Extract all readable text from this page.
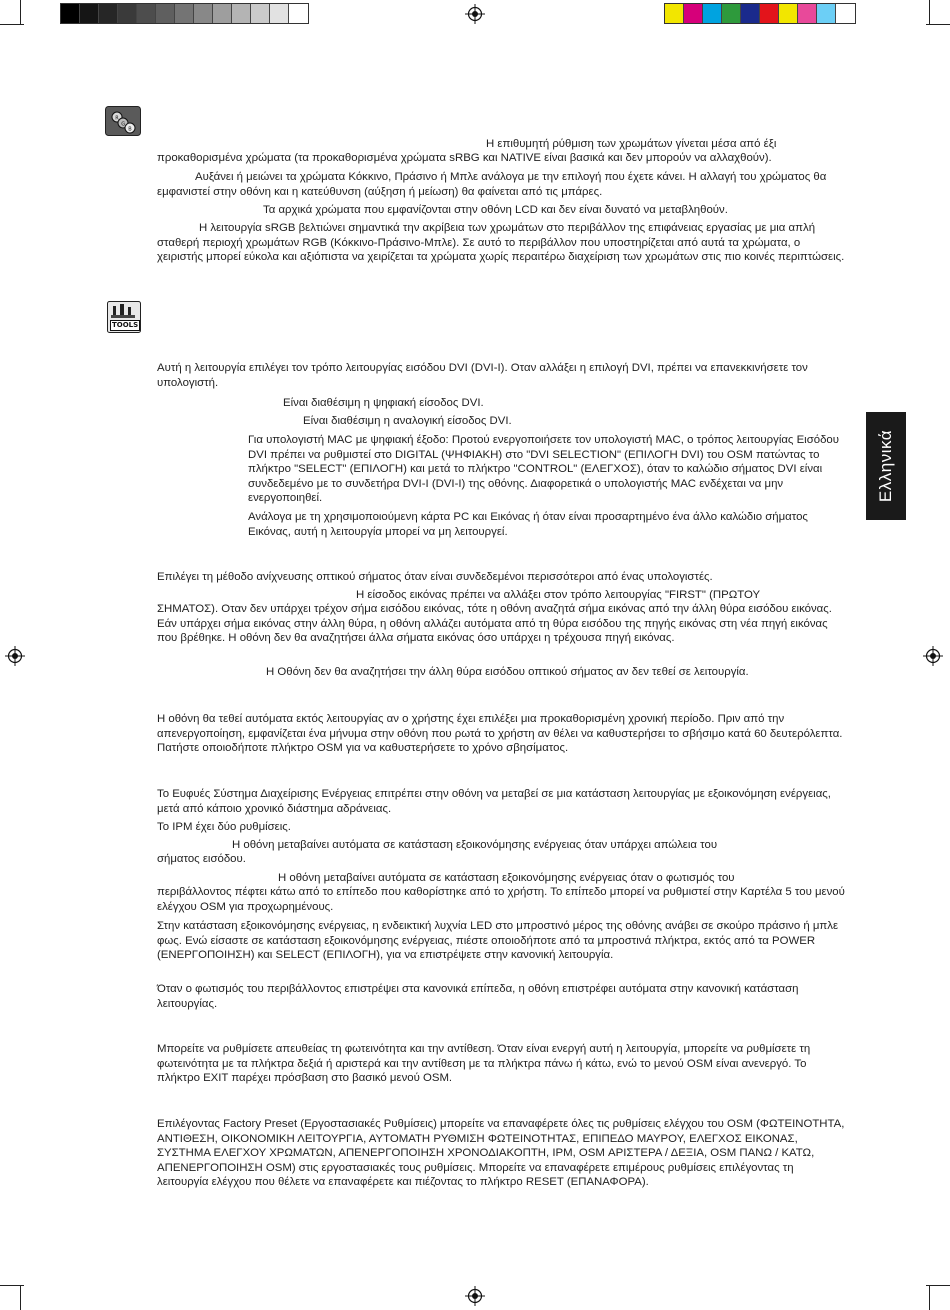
R
G
B
TOOLS
Ελληνικά

Η επιθυμητή ρύθμιση των χρωμάτων γίνεται μέσα από έξι

προκαθορισμένα χρώματα (τα προκαθορισμένα χρώματα sRBG και NATIVE είναι βασικά και δεν μπορούν να αλλαχθούν).

Αυξάνει ή μειώνει τα χρώματα Κόκκινο, Πράσινο ή Μπλε ανάλογα με την επιλογή που έχετε κάνει. Η αλλαγή του χρώματος θα εμφανιστεί στην οθόνη και η κατεύθυνση (αύξηση ή μείωση) θα φαίνεται από τις μπάρες.

Τα αρχικά χρώματα που εμφανίζονται στην οθόνη LCD και δεν είναι δυνατό να μεταβληθούν.

Η λειτουργία sRGB βελτιώνει σημαντικά την ακρίβεια των χρωμάτων στο περιβάλλον της επιφάνειας εργασίας με μια απλή σταθερή περιοχή χρωμάτων RGB (Κόκκινο-Πράσινο-Μπλε). Σε αυτό το περιβάλλον που υποστηρίζεται από αυτά τα χρώματα, ο χειριστής μπορεί εύκολα και αξιόπιστα να χειρίζεται τα χρώματα χωρίς περαιτέρω διαχείριση των χρωμάτων στις πιο κοινές περιπτώσεις.

Αυτή η λειτουργία επιλέγει τον τρόπο λειτουργίας εισόδου DVI (DVI-I). Οταν αλλάξει η επιλογή DVI, πρέπει να επανεκκινήσετε τον υπολογιστή.

Είναι διαθέσιμη η ψηφιακή είσοδος DVI.

Είναι διαθέσιμη η αναλογική είσοδος DVI.

Για υπολογιστή MAC με ψηφιακή έξοδο: Προτού ενεργοποιήσετε τον υπολογιστή MAC, ο τρόπος λειτουργίας Εισόδου DVI πρέπει να ρυθμιστεί στο DIGITAL (ΨΗΦΙΑΚΗ) στο "DVI SELECTION" (ΕΠΙΛΟΓΗ DVI) του OSM πατώντας το πλήκτρο "SELECT" (ΕΠΙΛΟΓΗ) και μετά το πλήκτρο "CONTROL" (ΕΛΕΓΧΟΣ), όταν το καλώδιο σήματος DVI είναι συνδεδεμένο με το συνδετήρα DVI-I (DVI-I) της οθόνης. Διαφορετικά ο υπολογιστής MAC ενδέχεται να μην ενεργοποιηθεί.

Ανάλογα με τη χρησιμοποιούμενη κάρτα PC και Εικόνας ή όταν είναι προσαρτημένο ένα άλλο καλώδιο σήματος Εικόνας, αυτή η λειτουργία μπορεί να μη λειτουργεί.

Επιλέγει τη μέθοδο ανίχνευσης οπτικού σήματος όταν είναι συνδεδεμένοι περισσότεροι από ένας υπολογιστές.

Η είσοδος εικόνας πρέπει να αλλάξει στον τρόπο λειτουργίας "FIRST" (ΠΡΩΤΟΥ

ΣΗΜΑΤΟΣ). Οταν δεν υπάρχει τρέχον σήμα εισόδου εικόνας, τότε η οθόνη αναζητά σήμα εικόνας από την άλλη θύρα εισόδου εικόνας. Εάν υπάρχει σήμα εικόνας στην άλλη θύρα, η οθόνη αλλάζει αυτόματα από τη θύρα εισόδου της πηγής εικόνας στη νέα πηγή εικόνας που βρέθηκε. Η οθόνη δεν θα αναζητήσει άλλα σήματα εικόνας όσο υπάρχει η τρέχουσα πηγή εικόνας.

Η Οθόνη δεν θα αναζητήσει την άλλη θύρα εισόδου οπτικού σήματος αν δεν τεθεί σε λειτουργία.

Η οθόνη θα τεθεί αυτόματα εκτός λειτουργίας αν ο χρήστης έχει επιλέξει μια προκαθορισμένη χρονική περίοδο. Πριν από την απενεργοποίηση, εμφανίζεται ένα μήνυμα στην οθόνη που ρωτά το χρήστη αν θέλει να καθυστερήσει το σβήσιμο κατά 60 δευτερόλεπτα. Πατήστε οποιοδήποτε πλήκτρο OSM για να καθυστερήσετε το χρόνο σβησίματος.

Το Ευφυές Σύστημα Διαχείρισης Ενέργειας επιτρέπει στην οθόνη να μεταβεί σε μια κατάσταση λειτουργίας με εξοικονόμηση ενέργειας, μετά από κάποιο χρονικό διάστημα αδράνειας.

Το IPM έχει δύο ρυθμίσεις.

Η οθόνη μεταβαίνει αυτόματα σε κατάσταση εξοικονόμησης ενέργειας όταν υπάρχει απώλεια του

σήματος εισόδου.

Η οθόνη μεταβαίνει αυτόματα σε κατάσταση εξοικονόμησης ενέργειας όταν ο φωτισμός του

περιβάλλοντος πέφτει κάτω από το επίπεδο που καθορίστηκε από το χρήστη. Το επίπεδο μπορεί να ρυθμιστεί στην Καρτέλα 5 του μενού ελέγχου OSM για προχωρημένους.

Στην κατάσταση εξοικονόμησης ενέργειας, η ενδεικτική λυχνία LED στο μπροστινό μέρος της οθόνης ανάβει σε σκούρο πράσινο ή μπλε φως. Ενώ είσαστε σε κατάσταση εξοικονόμησης ενέργειας, πιέστε οποιοδήποτε από τα μπροστινά πλήκτρα, εκτός από τα POWER (ΕΝΕΡΓΟΠΟΙΗΣΗ) και SELECT (ΕΠΙΛΟΓΗ), για να επιστρέψετε στην κανονική λειτουργία.

Όταν ο φωτισμός του περιβάλλοντος επιστρέψει στα κανονικά επίπεδα, η οθόνη επιστρέφει αυτόματα στην κανονική κατάσταση λειτουργίας.

Μπορείτε να ρυθμίσετε απευθείας τη φωτεινότητα και την αντίθεση. Όταν είναι ενεργή αυτή η λειτουργία, μπορείτε να ρυθμίσετε τη φωτεινότητα με τα πλήκτρα δεξιά ή αριστερά και την αντίθεση με τα πλήκτρα πάνω ή κάτω, ενώ το μενού OSM είναι ανενεργό. Το πλήκτρο EXIT παρέχει πρόσβαση στο βασικό μενού OSM.

Επιλέγοντας Factory Preset (Εργοστασιακές Ρυθμίσεις) μπορείτε να επαναφέρετε όλες τις ρυθμίσεις ελέγχου του OSM (ΦΩΤΕΙΝΟΤΗΤΑ, ΑΝΤΙΘΕΣΗ, ΟΙΚΟΝΟΜΙΚΗ ΛΕΙΤΟΥΡΓΙΑ, ΑΥΤΟΜΑΤΗ ΡΥΘΜΙΣΗ ΦΩΤΕΙΝΟΤΗΤΑΣ, ΕΠΙΠΕΔΟ ΜΑΥΡΟΥ, ΕΛΕΓΧΟΣ ΕΙΚΟΝΑΣ, ΣΥΣΤΗΜΑ ΕΛΕΓΧΟΥ ΧΡΩΜΑΤΩΝ, ΑΠΕΝΕΡΓΟΠΟΙΗΣΗ ΧΡΟΝΟΔΙΑΚΟΠΤΗ, IPM, OSM ΑΡΙΣΤΕΡΑ / ΔΕΞΙΑ, OSM ΠΑΝΩ / ΚΑΤΩ, ΑΠΕΝΕΡΓΟΠΟΙΗΣΗ OSM) στις εργοστασιακές τους ρυθμίσεις. Μπορείτε να επαναφέρετε επιμέρους ρυθμίσεις επιλέγοντας τη λειτουργία ελέγχου που θέλετε να επαναφέρετε και πιέζοντας το πλήκτρο RESET (ΕΠΑΝΑΦΟΡΑ).
